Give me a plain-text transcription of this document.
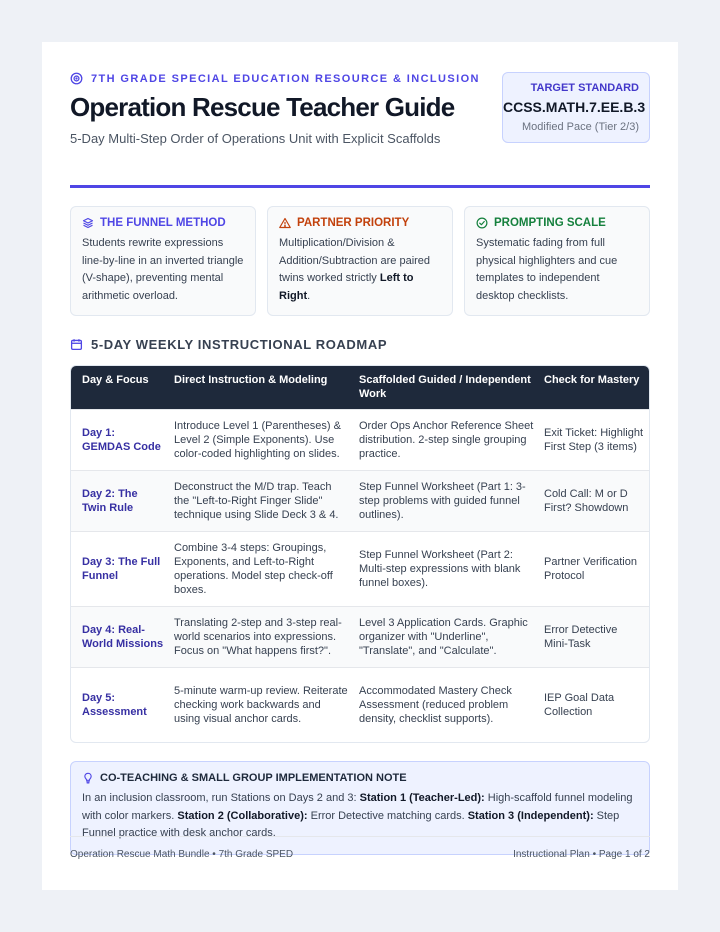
7TH GRADE SPECIAL EDUCATION RESOURCE & INCLUSION
Operation Rescue Teacher Guide
5-Day Multi-Step Order of Operations Unit with Explicit Scaffolds
TARGET STANDARD
CCSS.MATH.7.EE.B.3
Modified Pace (Tier 2/3)
THE FUNNEL METHOD
Students rewrite expressions line-by-line in an inverted triangle (V-shape), preventing mental arithmetic overload.
PARTNER PRIORITY
Multiplication/Division & Addition/Subtraction are paired twins worked strictly Left to Right.
PROMPTING SCALE
Systematic fading from full physical highlighters and cue templates to independent desktop checklists.
5-DAY WEEKLY INSTRUCTIONAL ROADMAP
Day & Focus	Direct Instruction & Modeling	Scaffolded Guided / Independent Work	Check for Mastery
Day 1: GEMDAS Code	Introduce Level 1 (Parentheses) & Level 2 (Simple Exponents). Use color-coded highlighting on slides.	Order Ops Anchor Reference Sheet distribution. 2-step single grouping practice.	Exit Ticket: Highlight First Step (3 items)
Day 2: The Twin Rule	Deconstruct the M/D trap. Teach the "Left-to-Right Finger Slide" technique using Slide Deck 3 & 4.	Step Funnel Worksheet (Part 1: 3-step problems with guided funnel outlines).	Cold Call: M or D First? Showdown
Day 3: The Full Funnel	Combine 3-4 steps: Groupings, Exponents, and Left-to-Right operations. Model step check-off boxes.	Step Funnel Worksheet (Part 2: Multi-step expressions with blank funnel boxes).	Partner Verification Protocol
Day 4: Real-World Missions	Translating 2-step and 3-step real-world scenarios into expressions. Focus on "What happens first?".	Level 3 Application Cards. Graphic organizer with "Underline", "Translate", and "Calculate".	Error Detective Mini-Task
Day 5: Assessment	5-minute warm-up review. Reiterate checking work backwards and using visual anchor cards.	Accommodated Mastery Check Assessment (reduced problem density, checklist supports).	IEP Goal Data Collection
CO-TEACHING & SMALL GROUP IMPLEMENTATION NOTE
In an inclusion classroom, run Stations on Days 2 and 3: Station 1 (Teacher-Led): High-scaffold funnel modeling with color markers. Station 2 (Collaborative): Error Detective matching cards. Station 3 (Independent): Step Funnel practice with desk anchor cards.
Operation Rescue Math Bundle • 7th Grade SPED	Instructional Plan • Page 1 of 2
